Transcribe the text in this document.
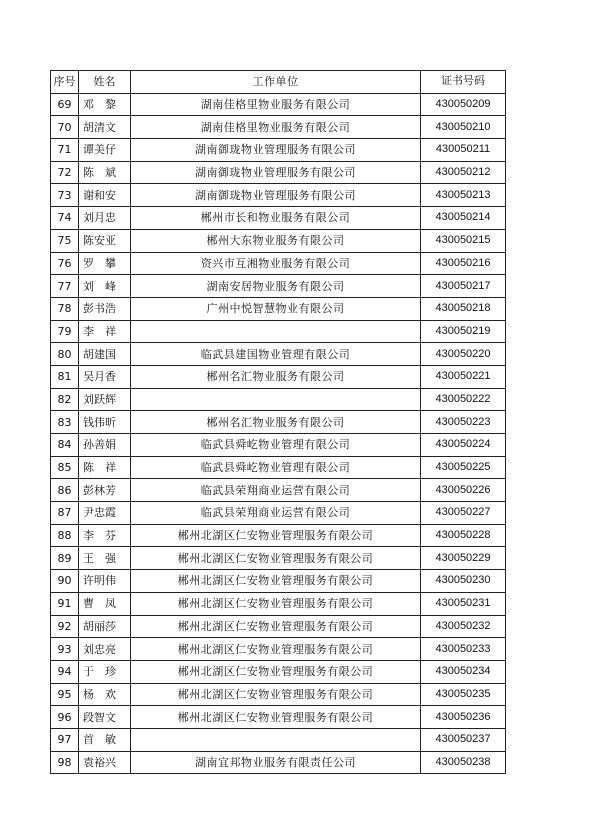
序号	姓名	工作单位	证书号码
69	邓　黎	湖南佳格里物业服务有限公司	430050209
70	胡清文	湖南佳格里物业服务有限公司	430050210
71	谭美仔	湖南御珑物业管理服务有限公司	430050211
72	陈　斌	湖南御珑物业管理服务有限公司	430050212
73	谢和安	湖南御珑物业管理服务有限公司	430050213
74	刘月忠	郴州市长和物业服务有限公司	430050214
75	陈安亚	郴州大东物业服务有限公司	430050215
76	罗　攀	资兴市互湘物业服务有限公司	430050216
77	刘　峰	湖南安居物业服务有限公司	430050217
78	彭书浩	广州中悦智慧物业有限公司	430050218
79	李　祥		430050219
80	胡建国	临武县建国物业管理有限公司	430050220
81	吴月香	郴州名汇物业服务有限公司	430050221
82	刘跃辉		430050222
83	钱伟昕	郴州名汇物业服务有限公司	430050223
84	孙善娟	临武县舜屹物业管理有限公司	430050224
85	陈　祥	临武县舜屹物业管理有限公司	430050225
86	彭林芳	临武县荣翔商业运营有限公司	430050226
87	尹忠霞	临武县荣翔商业运营有限公司	430050227
88	李　芬	郴州北湖区仁安物业管理服务有限公司	430050228
89	王　强	郴州北湖区仁安物业管理服务有限公司	430050229
90	许明伟	郴州北湖区仁安物业管理服务有限公司	430050230
91	曹　凤	郴州北湖区仁安物业管理服务有限公司	430050231
92	胡丽莎	郴州北湖区仁安物业管理服务有限公司	430050232
93	刘忠亮	郴州北湖区仁安物业管理服务有限公司	430050233
94	于　珍	郴州北湖区仁安物业管理服务有限公司	430050234
95	杨　欢	郴州北湖区仁安物业管理服务有限公司	430050235
96	段智文	郴州北湖区仁安物业管理服务有限公司	430050236
97	首　敏		430050237
98	袁裕兴	湖南宜邦物业服务有限责任公司	430050238
